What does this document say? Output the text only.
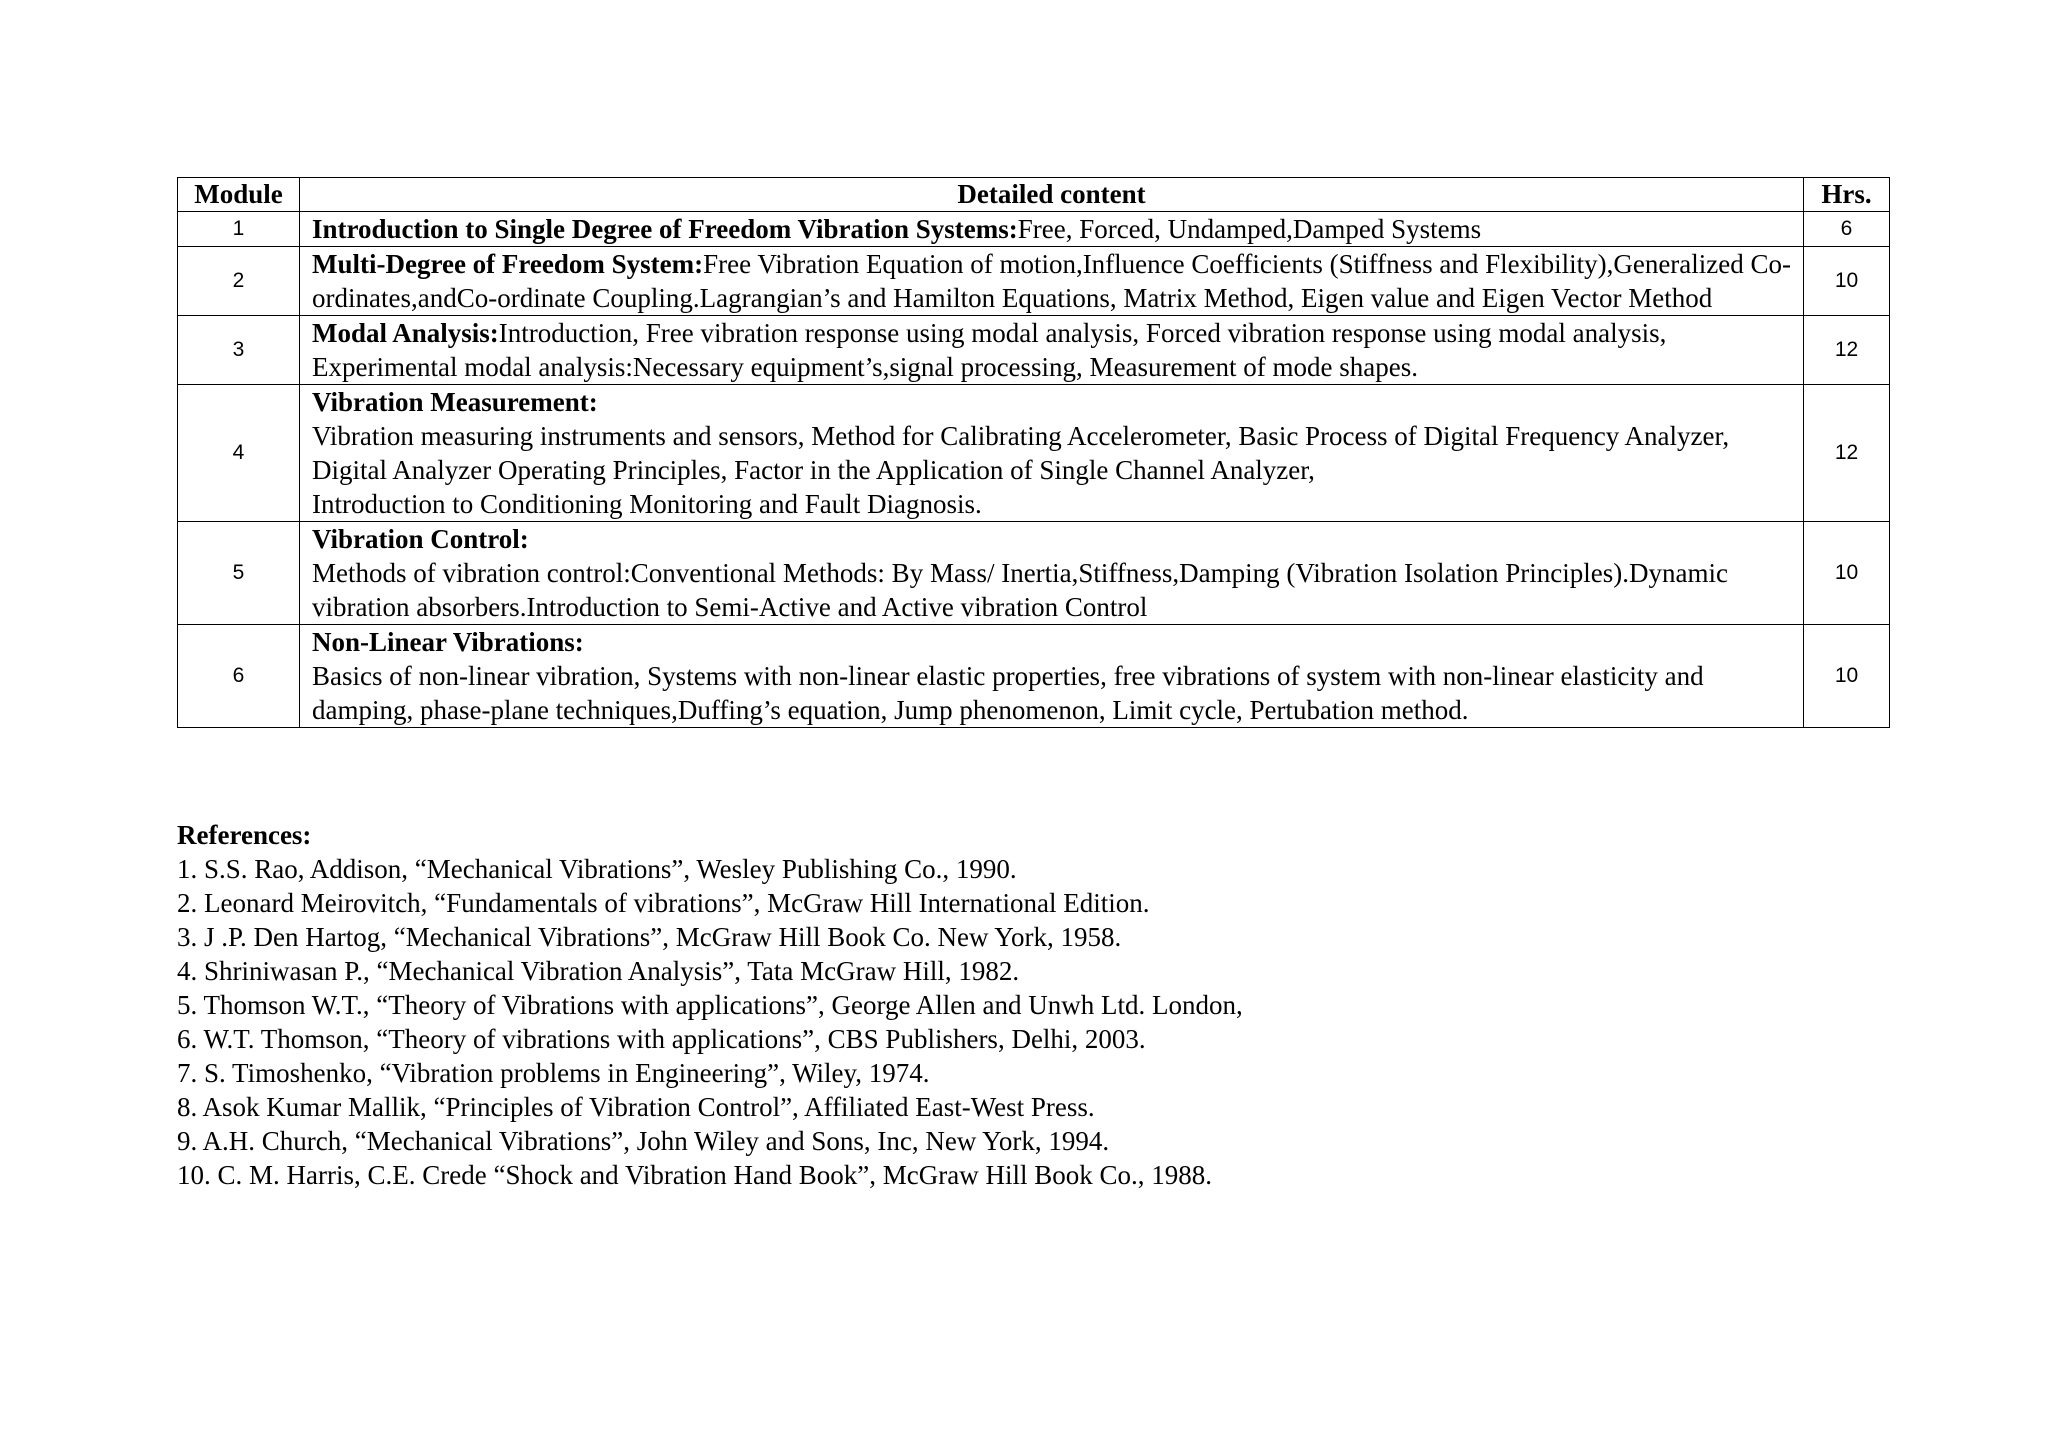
Module	Detailed content	Hrs.
1	Introduction to Single Degree of Freedom Vibration Systems:Free, Forced, Undamped,Damped Systems	6
2	Multi-Degree of Freedom System:Free Vibration Equation of motion,Influence Coefficients (Stiffness and Flexibility),Generalized Co-ordinates,andCo-ordinate Coupling.Lagrangian’s and Hamilton Equations, Matrix Method, Eigen value and Eigen Vector Method	10
3	Modal Analysis:Introduction, Free vibration response using modal analysis, Forced vibration response using modal analysis, Experimental modal analysis:Necessary equipment’s,signal processing, Measurement of mode shapes.	12
4	Vibration Measurement:
Vibration measuring instruments and sensors, Method for Calibrating Accelerometer, Basic Process of Digital Frequency Analyzer, Digital Analyzer Operating Principles, Factor in the Application of Single Channel Analyzer,
Introduction to Conditioning Monitoring and Fault Diagnosis.	12
5	Vibration Control:
Methods of vibration control:Conventional Methods: By Mass/ Inertia,Stiffness,Damping (Vibration Isolation Principles).Dynamic vibration absorbers.Introduction to Semi-Active and Active vibration Control	10
6	Non-Linear Vibrations:
Basics of non-linear vibration, Systems with non-linear elastic properties, free vibrations of system with non-linear elasticity and damping, phase-plane techniques,Duffing’s equation, Jump phenomenon, Limit cycle, Pertubation method.	10
References:
1. S.S. Rao, Addison, “Mechanical Vibrations”, Wesley Publishing Co., 1990.
2. Leonard Meirovitch, “Fundamentals of vibrations”, McGraw Hill International Edition.
3. J .P. Den Hartog, “Mechanical Vibrations”, McGraw Hill Book Co. New York, 1958.
4. Shriniwasan P., “Mechanical Vibration Analysis”, Tata McGraw Hill, 1982.
5. Thomson W.T., “Theory of Vibrations with applications”, George Allen and Unwh Ltd. London,
6. W.T. Thomson, “Theory of vibrations with applications”, CBS Publishers, Delhi, 2003.
7. S. Timoshenko, “Vibration problems in Engineering”, Wiley, 1974.
8. Asok Kumar Mallik, “Principles of Vibration Control”, Affiliated East-West Press.
9. A.H. Church, “Mechanical Vibrations”, John Wiley and Sons, Inc, New York, 1994.
10. C. M. Harris, C.E. Crede “Shock and Vibration Hand Book”, McGraw Hill Book Co., 1988.
